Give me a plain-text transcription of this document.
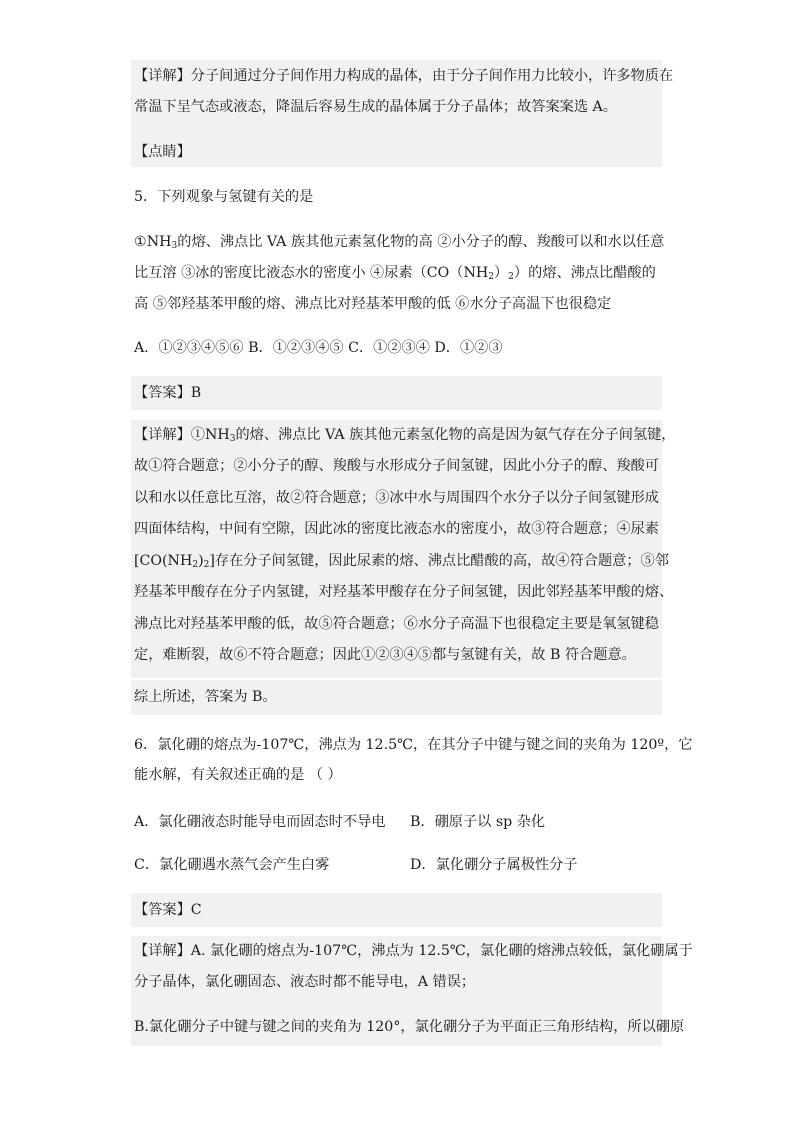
【详解】分子间通过分子间作用力构成的晶体，由于分子间作用力比较小，许多物质在
常温下呈气态或液态，降温后容易生成的晶体属于分子晶体；故答案案选 A。
【点睛】
5．下列观象与氢键有关的是
$①NH_3$的熔、沸点比 VA 族其他元素氢化物的高 ②小分子的醇、羧酸可以和水以任意
比互溶 ③冰的密度比液态水的密度小 ④尿素$(CO(NH_2)_2)$的熔、沸点比醋酸的
高 ⑤邻羟基苯甲酸的熔、沸点比对羟基苯甲酸的低 ⑥水分子高温下也很稳定
A．①②③④⑤⑥ B．①②③④⑤ C．①②③④ D．①②③
【答案】B
【详解】$①NH_3$的熔、沸点比 VA 族其他元素氢化物的高是因为氨气存在分子间氢键，
故①符合题意；②小分子的醇、羧酸与水形成分子间氢键，因此小分子的醇、羧酸可
以和水以任意比互溶，故②符合题意；③冰中水与周围四个水分子以分子间氢键形成
四面体结构，中间有空隙，因此冰的密度比液态水的密度小，故③符合题意；④尿素
$[CO(NH_2)_2]$存在分子间氢键，因此尿素的熔、沸点比醋酸的高，故④符合题意；⑤邻
羟基苯甲酸存在分子内氢键，对羟基苯甲酸存在分子间氢键，因此邻羟基苯甲酸的熔、
沸点比对羟基苯甲酸的低，故⑤符合题意；⑥水分子高温下也很稳定主要是氧氢键稳
定，难断裂，故⑥不符合题意；因此①②③④⑤都与氢键有关，故 B 符合题意。
综上所述，答案为 B。
6．氯化硼的熔点为-107℃，沸点为 12.5℃，在其分子中键与键之间的夹角为 120º，它
能水解，有关叙述正确的是 （ ）
A．氯化硼液态时能导电而固态时不导电 B．硼原子以 sp 杂化
C．氯化硼遇水蒸气会产生白雾	D．氯化硼分子属极性分子
【答案】C
【详解】A. 氯化硼的熔点为-107℃，沸点为 12.5℃，氯化硼的熔沸点较低，氯化硼属于
分子晶体，氯化硼固态、液态时都不能导电，A 错误；
B.氯化硼分子中键与键之间的夹角为 120°，氯化硼分子为平面正三角形结构，所以硼原
